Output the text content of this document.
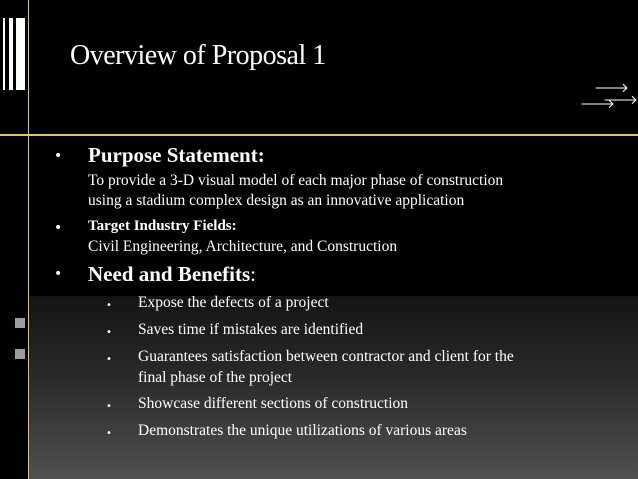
Overview of Proposal 1
🡒
🡒
🡒
• Purpose Statement:
To provide a 3-D visual model of each major phase of construction
using a stadium complex design as an innovative application
• Target Industry Fields:
Civil Engineering, Architecture, and Construction
• Need and Benefits:
• Expose the defects of a project
• Saves time if mistakes are identified
• Guarantees satisfaction between contractor and client for the
final phase of the project
• Showcase different sections of construction
• Demonstrates the unique utilizations of various areas
